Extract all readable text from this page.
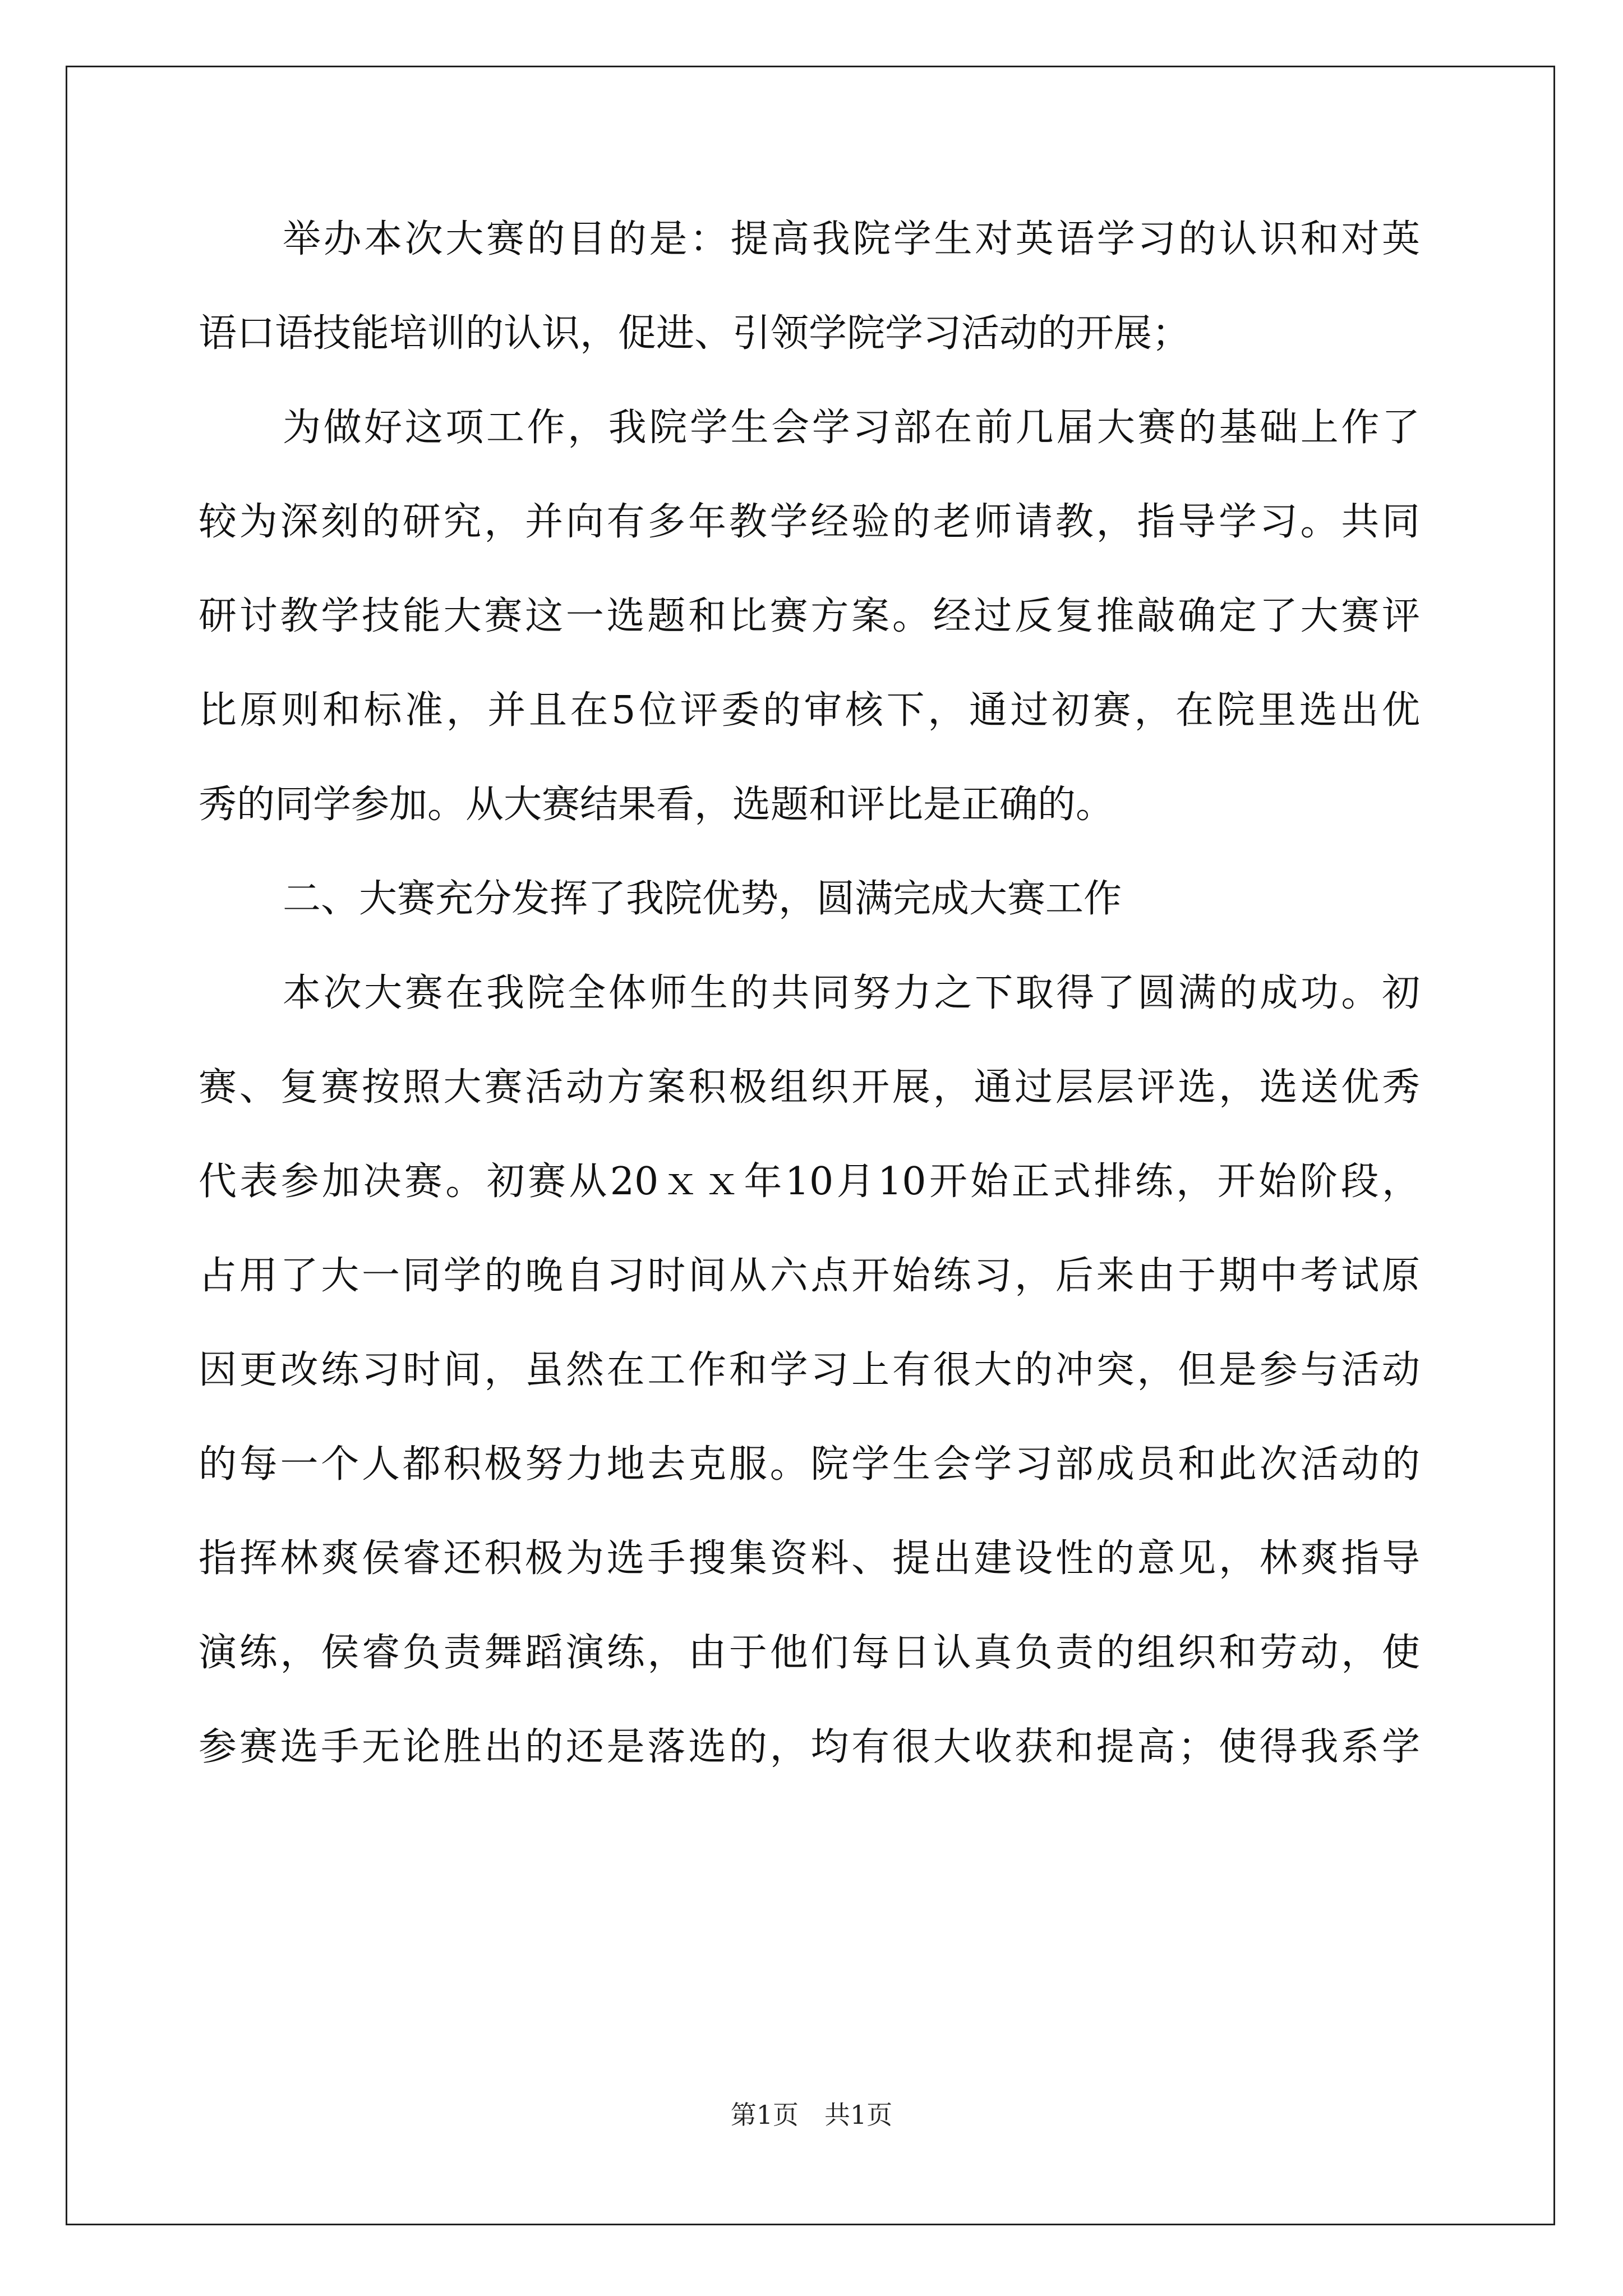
举办本次大赛的目的是：提高我院学生对英语学习的认识和对英
语口语技能培训的认识，促进、引领学院学习活动的开展；
为做好这项工作，我院学生会学习部在前几届大赛的基础上作了
较为深刻的研究，并向有多年教学经验的老师请教，指导学习。共同
研讨教学技能大赛这一选题和比赛方案。经过反复推敲确定了大赛评
比原则和标准，并且在5位评委的审核下，通过初赛，在院里选出优
秀的同学参加。从大赛结果看，选题和评比是正确的。
二、大赛充分发挥了我院优势，圆满完成大赛工作
本次大赛在我院全体师生的共同努力之下取得了圆满的成功。初
赛、复赛按照大赛活动方案积极组织开展，通过层层评选，选送优秀
代表参加决赛。初赛从20ｘｘ年10月10开始正式排练，开始阶段，
占用了大一同学的晚自习时间从六点开始练习，后来由于期中考试原
因更改练习时间，虽然在工作和学习上有很大的冲突，但是参与活动
的每一个人都积极努力地去克服。院学生会学习部成员和此次活动的
指挥林爽侯睿还积极为选手搜集资料、提出建设性的意见，林爽指导
演练，侯睿负责舞蹈演练，由于他们每日认真负责的组织和劳动，使
参赛选手无论胜出的还是落选的，均有很大收获和提高；使得我系学
第1页　共1页
